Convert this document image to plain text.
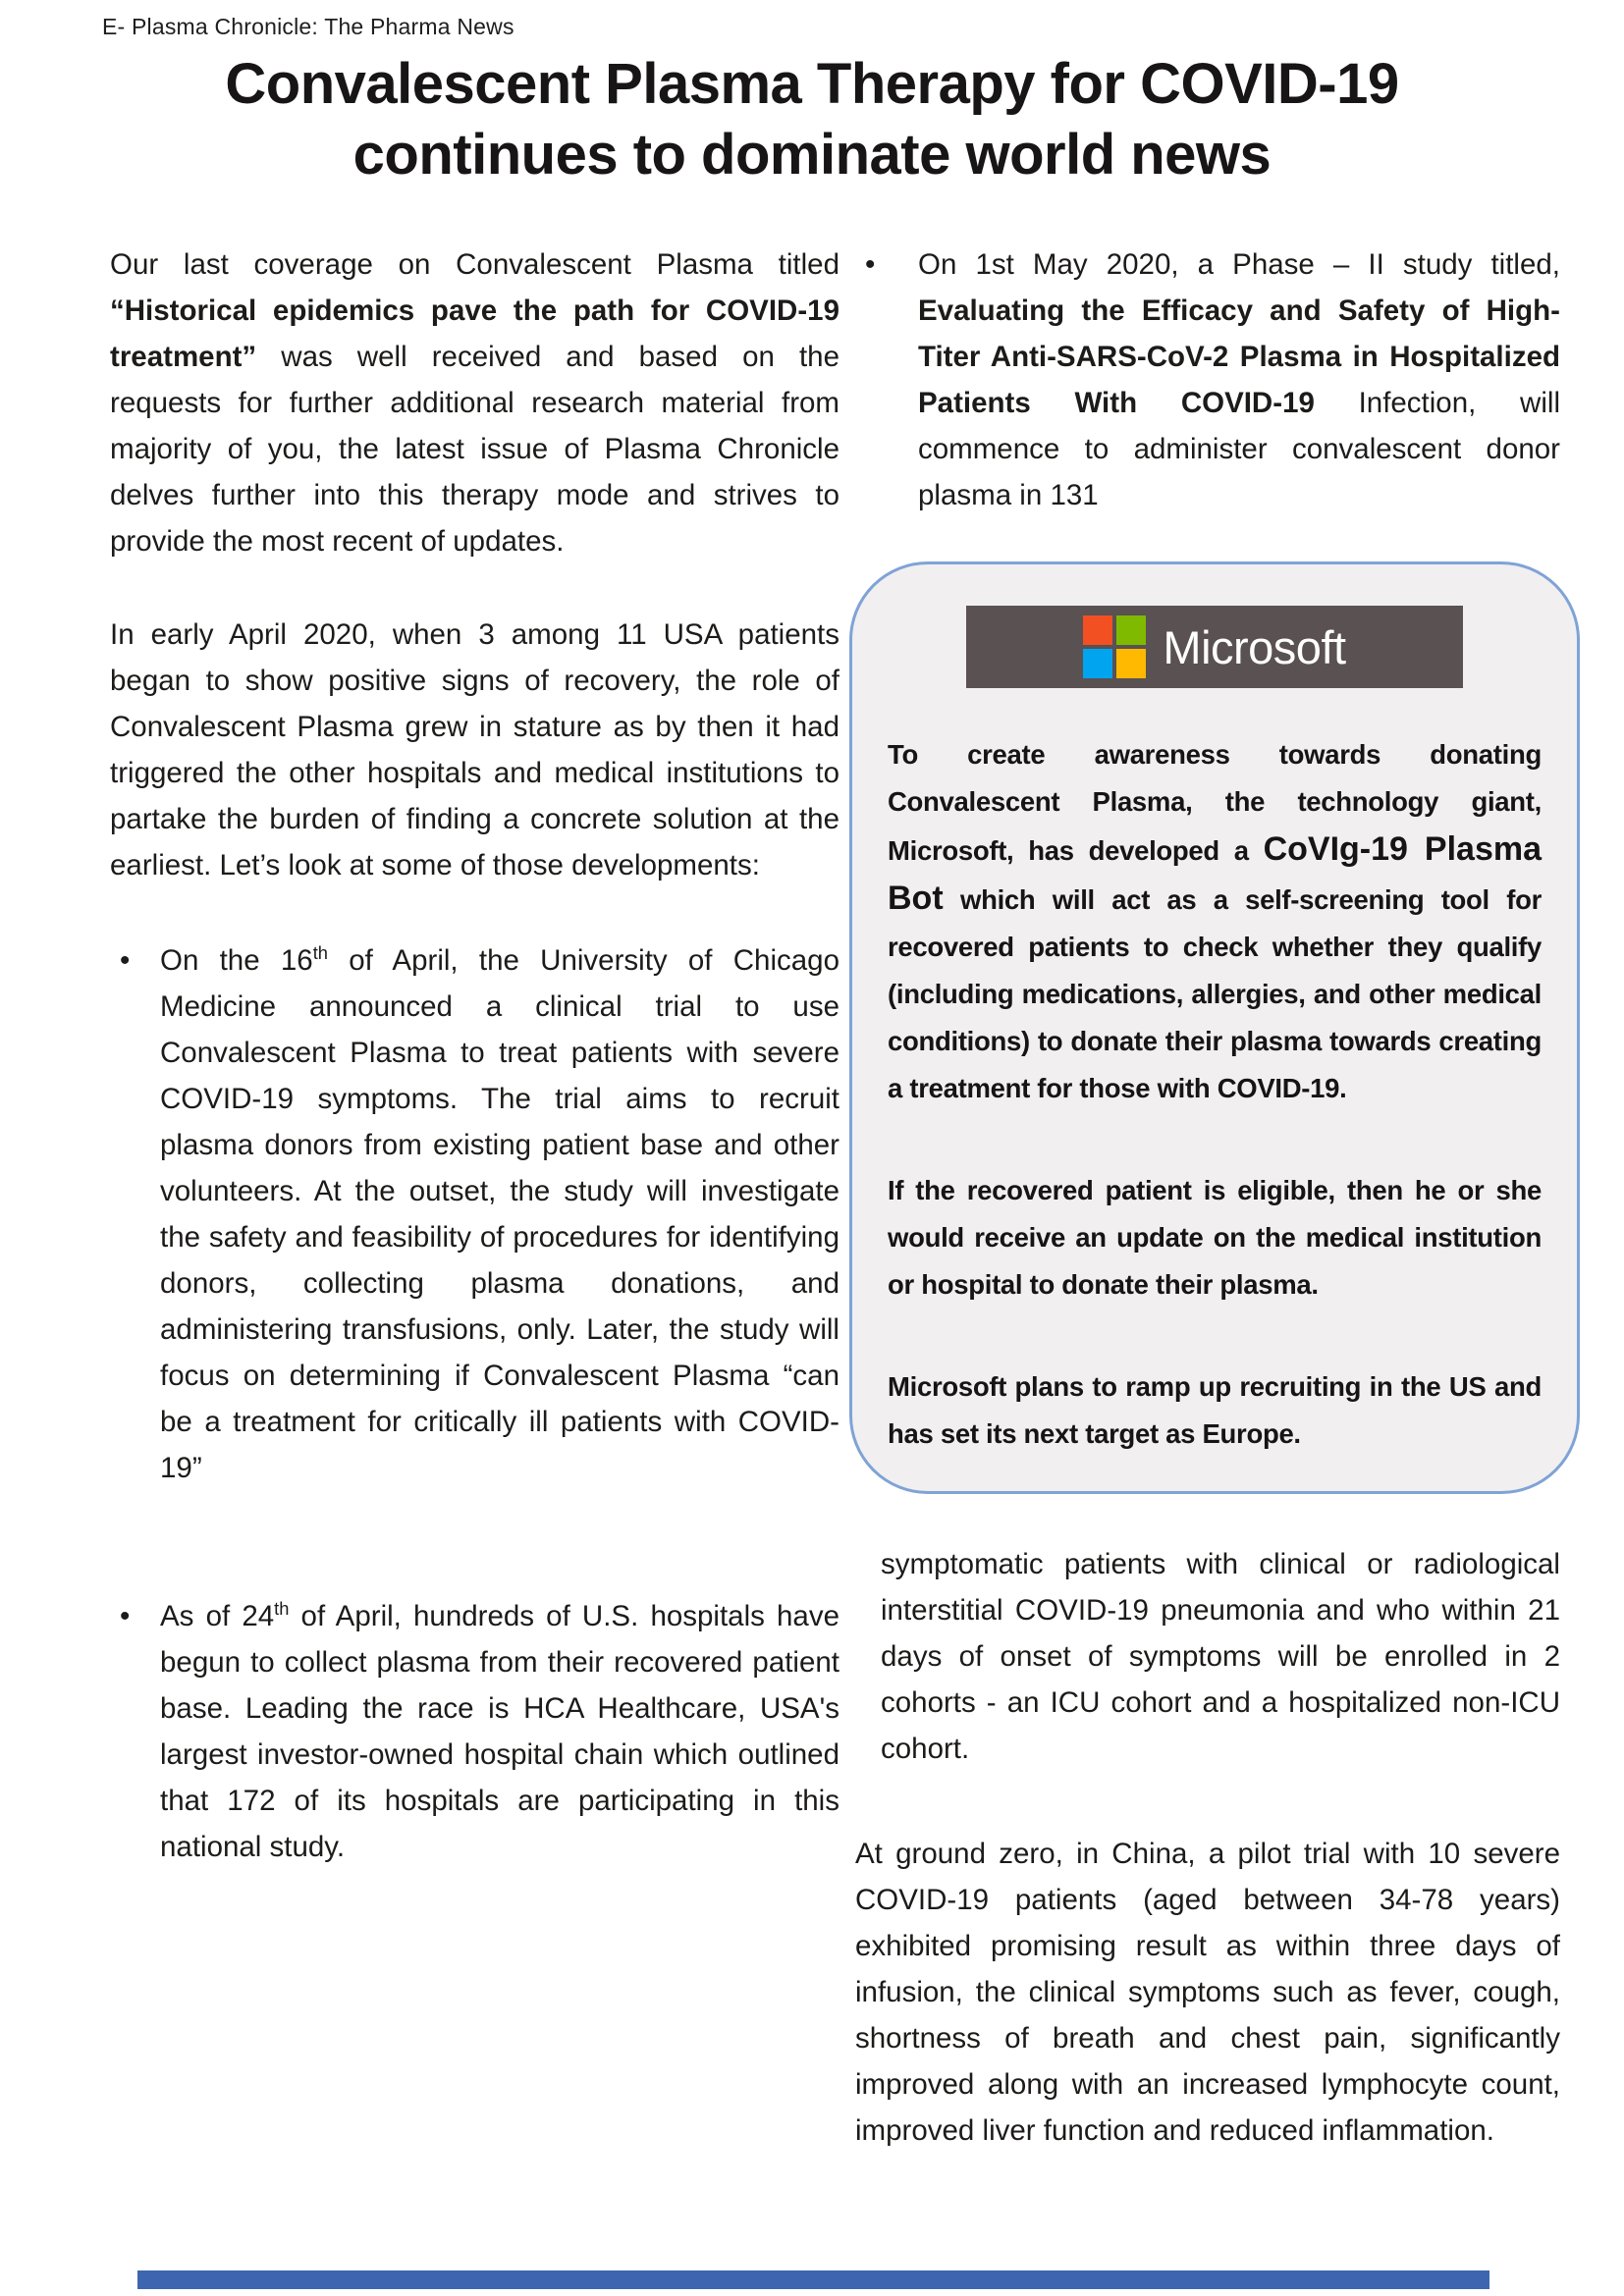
E- Plasma Chronicle: The Pharma News
Convalescent Plasma Therapy for COVID-19
continues to dominate world news

Our last coverage on Convalescent Plasma titled “Historical epidemics pave the path for COVID-19 treatment” was well received and based on the requests for further additional research material from majority of you, the latest issue of Plasma Chronicle delves further into this therapy mode and strives to provide the most recent of updates.

In early April 2020, when 3 among 11 USA patients began to show positive signs of recovery, the role of Convalescent Plasma grew in stature as by then it had triggered the other hospitals and medical institutions to partake the burden of finding a concrete solution at the earliest. Let’s look at some of those developments:

•	On the 16th of April, the University of Chicago Medicine announced a clinical trial to use Convalescent Plasma to treat patients with severe COVID-19 symptoms. The trial aims to recruit plasma donors from existing patient base and other volunteers. At the outset, the study will investigate the safety and feasibility of procedures for identifying donors, collecting plasma donations, and administering transfusions, only. Later, the study will focus on determining if Convalescent Plasma “can be a treatment for critically ill patients with COVID-19”

•	As of 24th of April, hundreds of U.S. hospitals have begun to collect plasma from their recovered patient base. Leading the race is HCA Healthcare, USA's largest investor-owned hospital chain which outlined that 172 of its hospitals are participating in this national study.

•	On 1st May 2020, a Phase – II study titled, Evaluating the Efficacy and Safety of High-Titer Anti-SARS-CoV-2 Plasma in Hospitalized Patients With COVID-19 Infection, will commence to administer convalescent donor plasma in 131

Microsoft

To create awareness towards donating Convalescent Plasma, the technology giant, Microsoft, has developed a CoVIg-19 Plasma Bot which will act as a self-screening tool for recovered patients to check whether they qualify (including medications, allergies, and other medical conditions) to donate their plasma towards creating a treatment for those with COVID-19.

If the recovered patient is eligible, then he or she would receive an update on the medical institution or hospital to donate their plasma.

Microsoft plans to ramp up recruiting in the US and has set its next target as Europe.

symptomatic patients with clinical or radiological interstitial COVID-19 pneumonia and who within 21 days of onset of symptoms will be enrolled in 2 cohorts - an ICU cohort and a hospitalized non-ICU cohort.

At ground zero, in China, a pilot trial with 10 severe COVID-19 patients (aged between 34-78 years) exhibited promising result as within three days of infusion, the clinical symptoms such as fever, cough, shortness of breath and chest pain, significantly improved along with an increased lymphocyte count, improved liver function and reduced inflammation.
